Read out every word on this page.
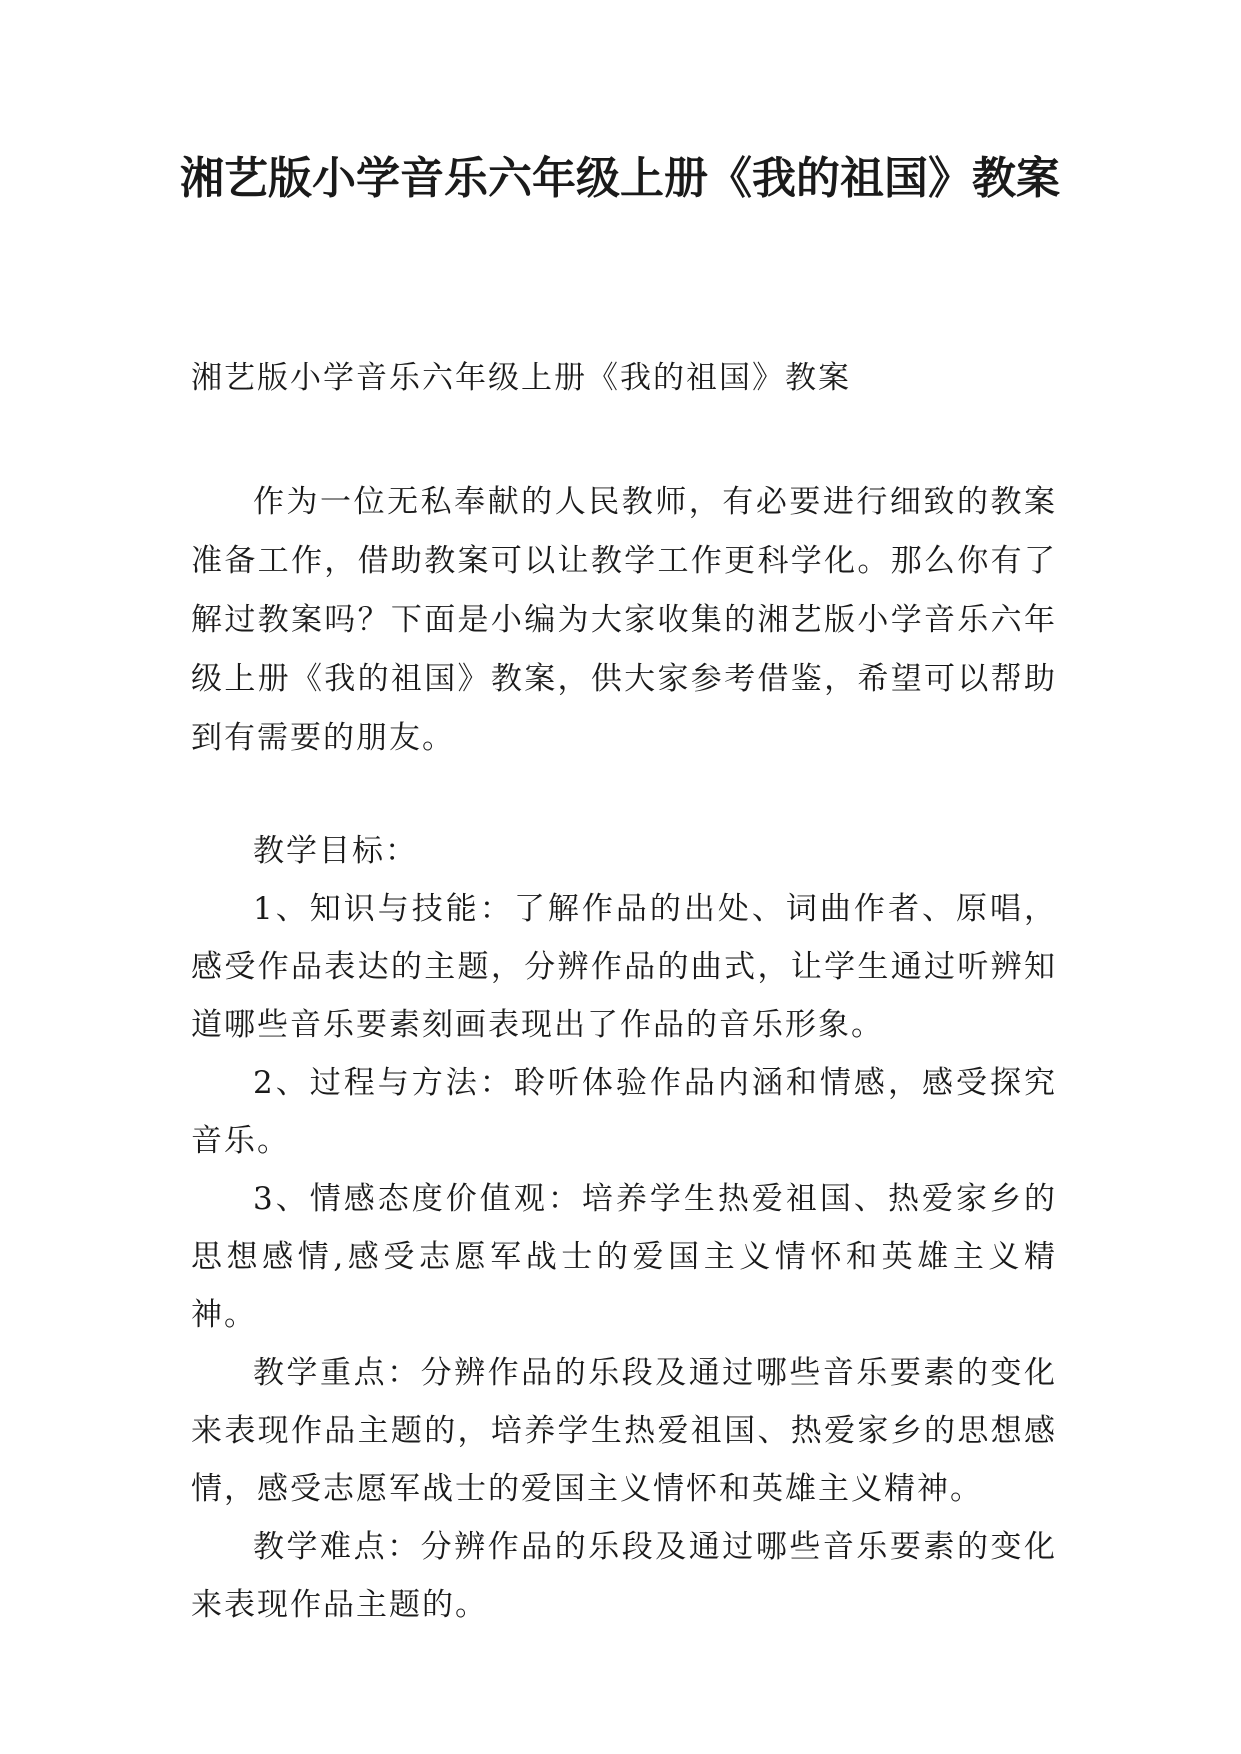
湘艺版小学音乐六年级上册《我的祖国》教案

湘艺版小学音乐六年级上册《我的祖国》教案

作为一位无私奉献的人民教师，有必要进行细致的教案准备工作，借助教案可以让教学工作更科学化。那么你有了解过教案吗？下面是小编为大家收集的湘艺版小学音乐六年级上册《我的祖国》教案，供大家参考借鉴，希望可以帮助到有需要的朋友。

教学目标：

1、知识与技能：了解作品的出处、词曲作者、原唱，感受作品表达的主题，分辨作品的曲式，让学生通过听辨知道哪些音乐要素刻画表现出了作品的音乐形象。

2、过程与方法：聆听体验作品内涵和情感，感受探究音乐。

3、情感态度价值观：培养学生热爱祖国、热爱家乡的思想感情,感受志愿军战士的爱国主义情怀和英雄主义精神。

教学重点：分辨作品的乐段及通过哪些音乐要素的变化来表现作品主题的，培养学生热爱祖国、热爱家乡的思想感情，感受志愿军战士的爱国主义情怀和英雄主义精神。

教学难点：分辨作品的乐段及通过哪些音乐要素的变化来表现作品主题的。
